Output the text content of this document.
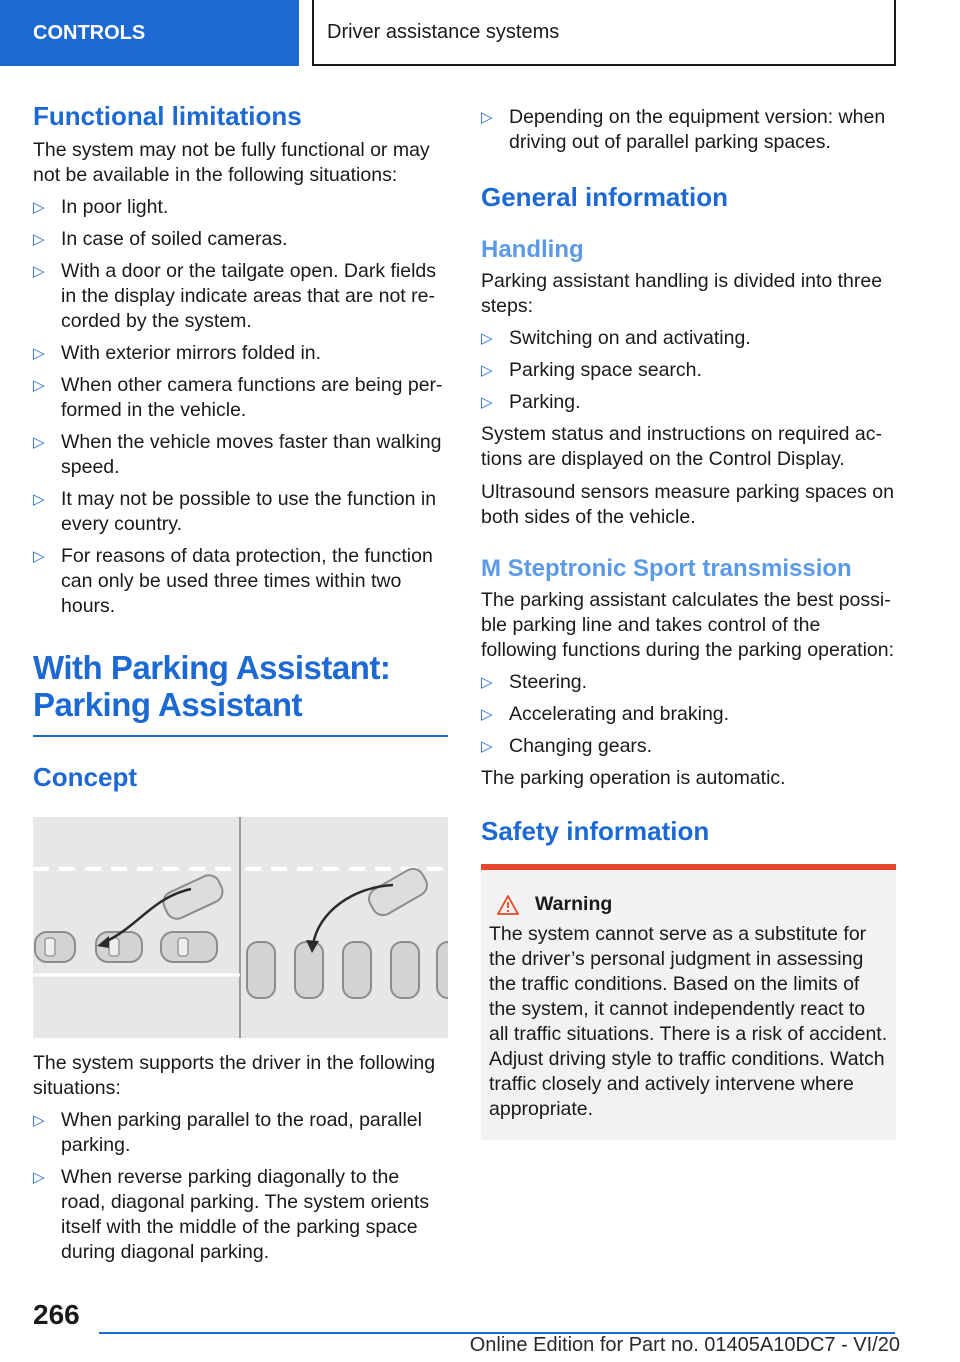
CONTROLS	Driver assistance systems
Functional limitations

The system may not be fully functional or may not be available in the following situations:

▷ In poor light.
▷ In case of soiled cameras.
▷ With a door or the tailgate open. Dark fields in the display indicate areas that are not recorded by the system.
▷ With exterior mirrors folded in.
▷ When other camera functions are being performed in the vehicle.
▷ When the vehicle moves faster than walking speed.
▷ It may not be possible to use the function in every country.
▷ For reasons of data protection, the function can only be used three times within two hours.
With Parking Assistant: Parking Assistant
Concept

The system supports the driver in the following situations:

▷ When parking parallel to the road, parallel parking.
▷ When reverse parking diagonally to the road, diagonal parking. The system orients itself with the middle of the parking space during diagonal parking.
▷ Depending on the equipment version: when driving out of parallel parking spaces.
General information
Handling

Parking assistant handling is divided into three steps:

▷ Switching on and activating.
▷ Parking space search.
▷ Parking.

System status and instructions on required actions are displayed on the Control Display.

Ultrasound sensors measure parking spaces on both sides of the vehicle.

M Steptronic Sport transmission

The parking assistant calculates the best possible parking line and takes control of the following functions during the parking operation:

▷ Steering.
▷ Accelerating and braking.
▷ Changing gears.

The parking operation is automatic.

Safety information
Warning

The system cannot serve as a substitute for the driver’s personal judgment in assessing the traffic conditions. Based on the limits of the system, it cannot independently react to all traffic situations. There is a risk of accident. Adjust driving style to traffic conditions. Watch traffic closely and actively intervene where appropriate.

266
Online Edition for Part no. 01405A10DC7 - VI/20
